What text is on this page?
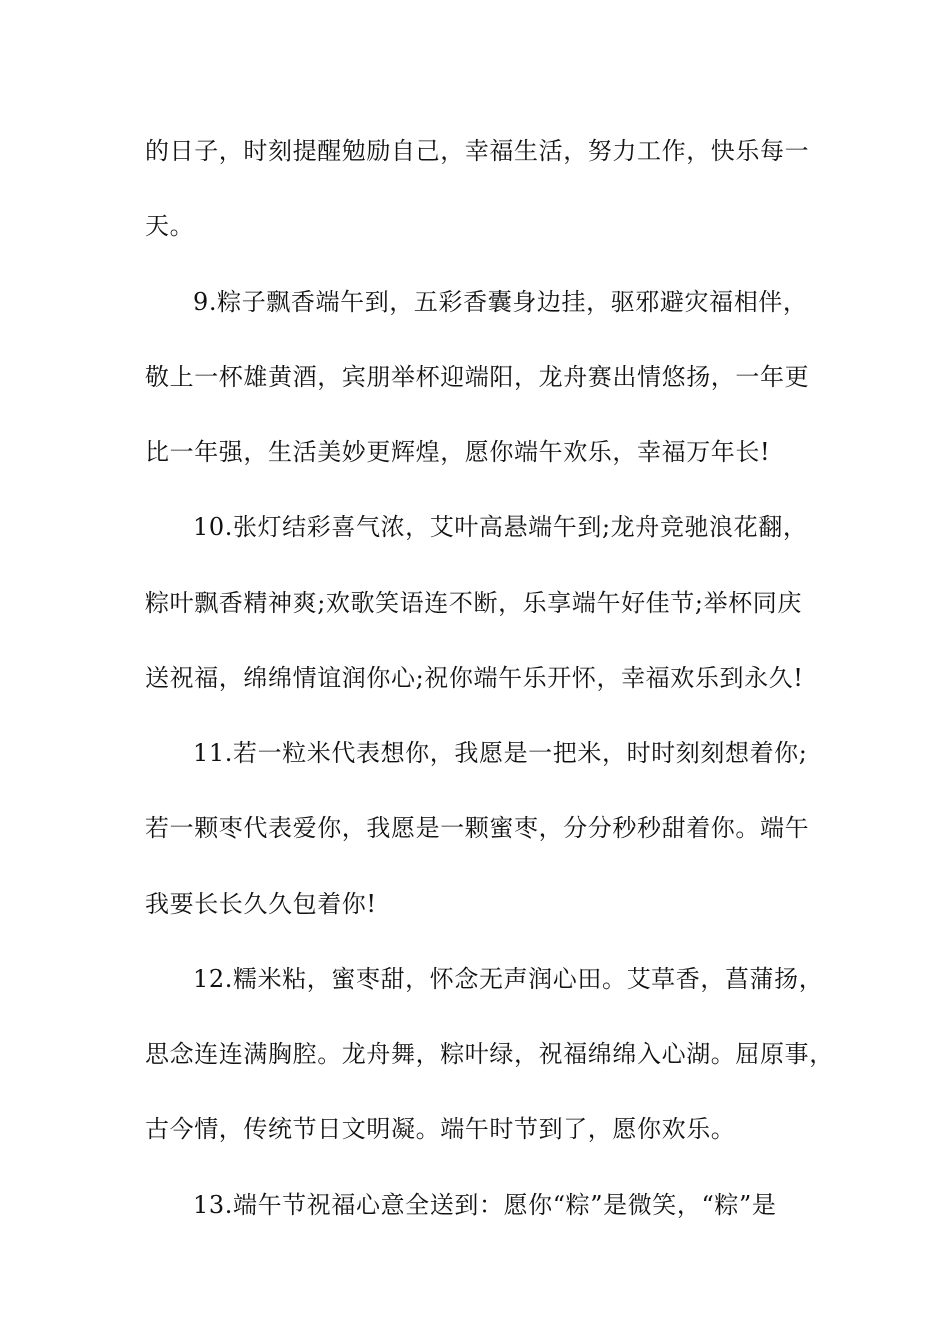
的日子，时刻提醒勉励自己，幸福生活，努力工作，快乐每一
天。
9.粽子飘香端午到，五彩香囊身边挂，驱邪避灾福相伴，
敬上一杯雄黄酒，宾朋举杯迎端阳，龙舟赛出情悠扬，一年更
比一年强，生活美妙更辉煌，愿你端午欢乐，幸福万年长!
10.张灯结彩喜气浓，艾叶高悬端午到;龙舟竞驰浪花翻，
粽叶飘香精神爽;欢歌笑语连不断，乐享端午好佳节;举杯同庆
送祝福，绵绵情谊润你心;祝你端午乐开怀，幸福欢乐到永久!
11.若一粒米代表想你，我愿是一把米，时时刻刻想着你;
若一颗枣代表爱你，我愿是一颗蜜枣，分分秒秒甜着你。端午
我要长长久久包着你!
12.糯米粘，蜜枣甜，怀念无声润心田。艾草香，菖蒲扬，
思念连连满胸腔。龙舟舞，粽叶绿，祝福绵绵入心湖。屈原事，
古今情，传统节日文明凝。端午时节到了，愿你欢乐。
13.端午节祝福心意全送到：愿你“粽”是微笑，“粽”是
